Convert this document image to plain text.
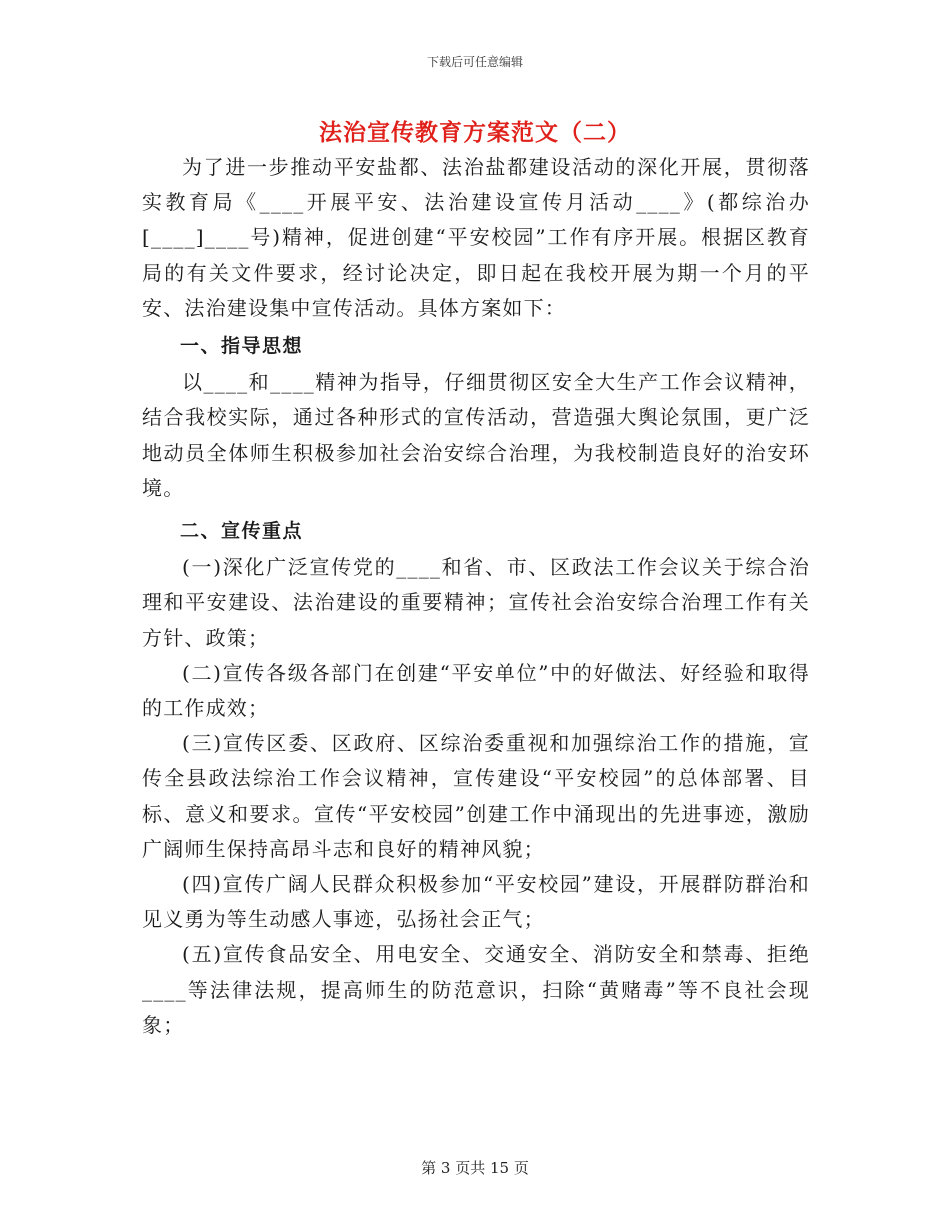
下载后可任意编辑
法治宣传教育方案范文（二）

为了进一步推动平安盐都、法治盐都建设活动的深化开展，贯彻落实教育局《____开展平安、法治建设宣传月活动____》(都综治办[____]____号)精神，促进创建“平安校园”工作有序开展。根据区教育局的有关文件要求，经讨论决定，即日起在我校开展为期一个月的平安、法治建设集中宣传活动。具体方案如下：

一、指导思想

以____和____精神为指导，仔细贯彻区安全大生产工作会议精神，结合我校实际，通过各种形式的宣传活动，营造强大舆论氛围，更广泛地动员全体师生积极参加社会治安综合治理，为我校制造良好的治安环境。

二、宣传重点

(一)深化广泛宣传党的____和省、市、区政法工作会议关于综合治理和平安建设、法治建设的重要精神；宣传社会治安综合治理工作有关方针、政策；

(二)宣传各级各部门在创建“平安单位”中的好做法、好经验和取得的工作成效；

(三)宣传区委、区政府、区综治委重视和加强综治工作的措施，宣传全县政法综治工作会议精神，宣传建设“平安校园”的总体部署、目标、意义和要求。宣传“平安校园”创建工作中涌现出的先进事迹，激励广阔师生保持高昂斗志和良好的精神风貌；

(四)宣传广阔人民群众积极参加“平安校园”建设，开展群防群治和见义勇为等生动感人事迹，弘扬社会正气；

(五)宣传食品安全、用电安全、交通安全、消防安全和禁毒、拒绝____等法律法规，提高师生的防范意识，扫除“黄赌毒”等不良社会现象；

第 3 页共 15 页
